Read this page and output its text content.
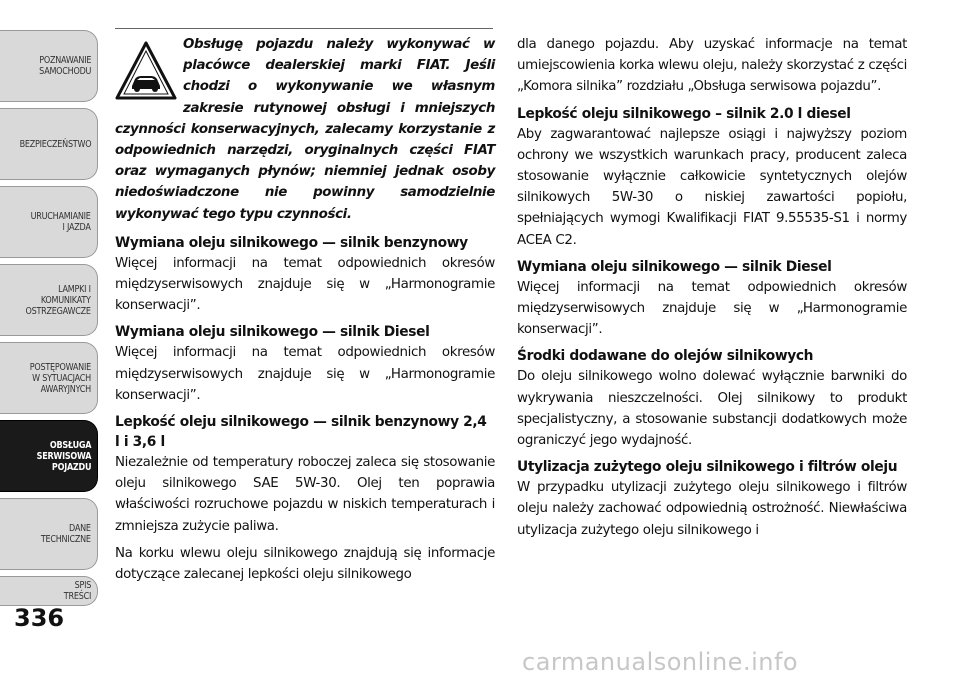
POZNAWANIE
SAMOCHODU
BEZPIECZEŃSTWO
URUCHAMIANIE
I JAZDA
LAMPKI I
KOMUNIKATY
OSTRZEGAWCZE
POSTĘPOWANIE
W SYTUACJACH
AWARYJNYCH
OBSŁUGA
SERWISOWA
POJAZDU
DANE
TECHNICZNE
SPIS
TREŚCI
336

Obsługę pojazdu należy wykonywać w placówce dealerskiej marki FIAT. Jeśli chodzi o wykonywanie we własnym zakresie rutynowej obsługi i mniejszych czynności konserwacyjnych, zalecamy korzystanie z odpowiednich narzędzi, oryginalnych części FIAT oraz wymaganych płynów; niemniej jednak osoby niedoświadczone nie powinny samodzielnie wykonywać tego typu czynności.

Wymiana oleju silnikowego — silnik benzynowy

Więcej informacji na temat odpowiednich okresów międzyserwisowych znajduje się w „Harmonogramie konserwacji”.

Wymiana oleju silnikowego — silnik Diesel

Więcej informacji na temat odpowiednich okresów międzyserwisowych znajduje się w „Harmonogramie konserwacji”.

Lepkość oleju silnikowego — silnik benzynowy 2,4 l i 3,6 l

Niezależnie od temperatury roboczej zaleca się stosowanie oleju silnikowego SAE 5W-30. Olej ten poprawia właściwości rozruchowe pojazdu w niskich temperaturach i zmniejsza zużycie paliwa.

Na korku wlewu oleju silnikowego znajdują się informacje dotyczące zalecanej lepkości oleju silnikowego

dla danego pojazdu. Aby uzyskać informacje na temat umiejscowienia korka wlewu oleju, należy skorzystać z części „Komora silnika” rozdziału „Obsługa serwisowa pojazdu”.

Lepkość oleju silnikowego – silnik 2.0 l diesel

Aby zagwarantować najlepsze osiągi i najwyższy poziom ochrony we wszystkich warunkach pracy, producent zaleca stosowanie wyłącznie całkowicie syntetycznych olejów silnikowych 5W-30 o niskiej zawartości popiołu, spełniających wymogi Kwalifikacji FIAT 9.55535-S1 i normy ACEA C2.

Wymiana oleju silnikowego — silnik Diesel

Więcej informacji na temat odpowiednich okresów międzyserwisowych znajduje się w „Harmonogramie konserwacji”.

Środki dodawane do olejów silnikowych

Do oleju silnikowego wolno dolewać wyłącznie barwniki do wykrywania nieszczelności. Olej silnikowy to produkt specjalistyczny, a stosowanie substancji dodatkowych może ograniczyć jego wydajność.

Utylizacja zużytego oleju silnikowego i filtrów oleju

W przypadku utylizacji zużytego oleju silnikowego i filtrów oleju należy zachować odpowiednią ostrożność. Niewłaściwa utylizacja zużytego oleju silnikowego i

carmanualsonline.info
